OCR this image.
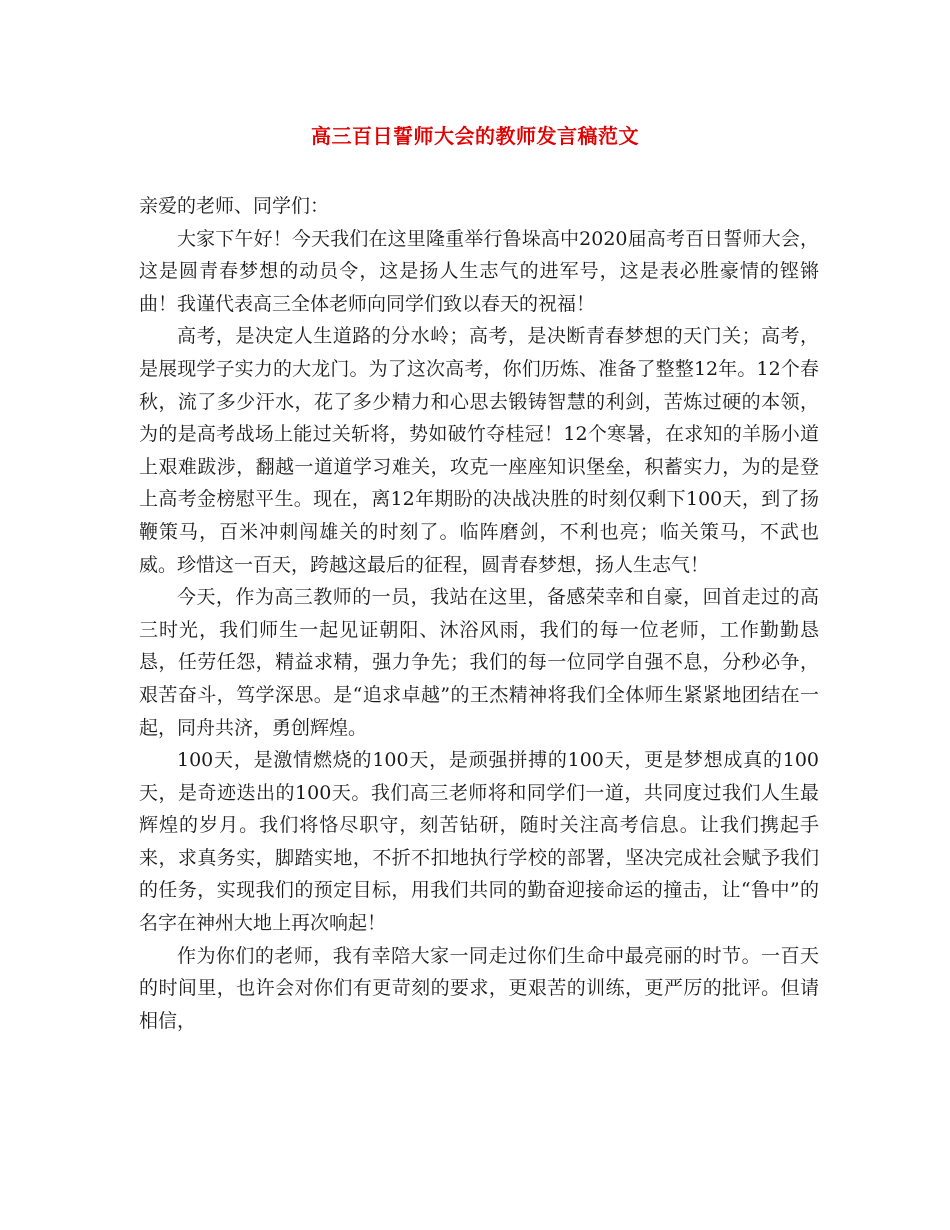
高三百日誓师大会的教师发言稿范文

亲爱的老师、同学们：

大家下午好！今天我们在这里隆重举行鲁垛高中2020届高考百日誓师大会，这是圆青春梦想的动员令，这是扬人生志气的进军号，这是表必胜豪情的铿锵曲！我谨代表高三全体老师向同学们致以春天的祝福！

高考，是决定人生道路的分水岭；高考，是决断青春梦想的天门关；高考，是展现学子实力的大龙门。为了这次高考，你们历炼、准备了整整12年。12个春秋，流了多少汗水，花了多少精力和心思去锻铸智慧的利剑，苦炼过硬的本领，为的是高考战场上能过关斩将，势如破竹夺桂冠！12个寒暑，在求知的羊肠小道上艰难跋涉，翻越一道道学习难关，攻克一座座知识堡垒，积蓄实力，为的是登上高考金榜慰平生。现在，离12年期盼的决战决胜的时刻仅剩下100天，到了扬鞭策马，百米冲刺闯雄关的时刻了。临阵磨剑，不利也亮；临关策马，不武也威。珍惜这一百天，跨越这最后的征程，圆青春梦想，扬人生志气！

今天，作为高三教师的一员，我站在这里，备感荣幸和自豪，回首走过的高三时光，我们师生一起见证朝阳、沐浴风雨，我们的每一位老师，工作勤勤恳恳，任劳任怨，精益求精，强力争先；我们的每一位同学自强不息，分秒必争，艰苦奋斗，笃学深思。是“追求卓越”的王杰精神将我们全体师生紧紧地团结在一起，同舟共济，勇创辉煌。

100天，是激情燃烧的100天，是顽强拼搏的100天，更是梦想成真的100天，是奇迹迭出的100天。我们高三老师将和同学们一道，共同度过我们人生最辉煌的岁月。我们将恪尽职守，刻苦钻研，随时关注高考信息。让我们携起手来，求真务实，脚踏实地，不折不扣地执行学校的部署，坚决完成社会赋予我们的任务，实现我们的预定目标，用我们共同的勤奋迎接命运的撞击，让“鲁中”的名字在神州大地上再次响起！

作为你们的老师，我有幸陪大家一同走过你们生命中最亮丽的时节。一百天的时间里，也许会对你们有更苛刻的要求，更艰苦的训练，更严厉的批评。但请相信，
